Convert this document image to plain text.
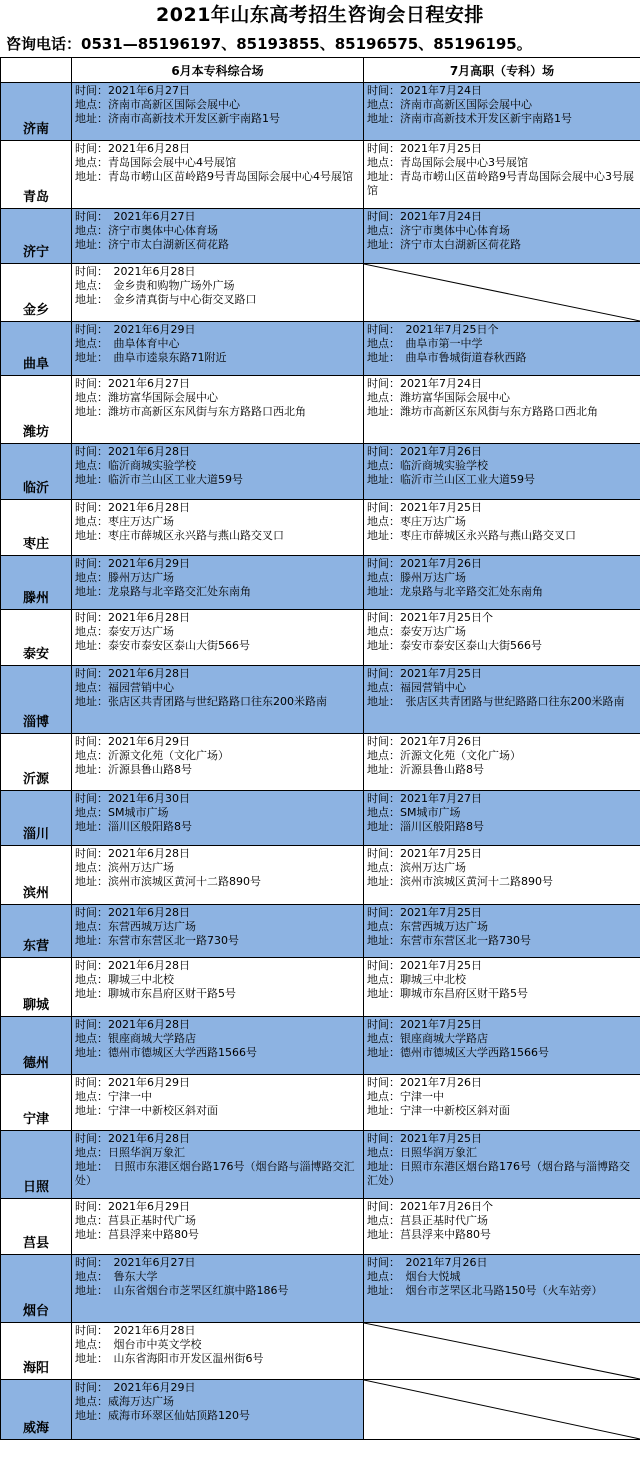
2021年山东高考招生咨询会日程安排
咨询电话：0531—85196197、85193855、85196575、85196195。
	6月本专科综合场	7月高职（专科）场
济南	时间：2021年6月27日
地点：济南市高新区国际会展中心
地址：济南市高新技术开发区新宇南路1号	时间：2021年7月24日
地点：济南市高新区国际会展中心
地址：济南市高新技术开发区新宇南路1号

青岛	时间：2021年6月28日
地点：青岛国际会展中心4号展馆
地址：青岛市崂山区苗岭路9号青岛国际会展中心4号展馆	时间：2021年7月25日
地点：青岛国际会展中心3号展馆
地址：青岛市崂山区苗岭路9号青岛国际会展中心3号展馆

济宁	时间：　2021年6月27日
地点：济宁市奥体中心体育场
地址：济宁市太白湖新区荷花路	时间：2021年7月24日
地点：济宁市奥体中心体育场
地址：济宁市太白湖新区荷花路

金乡	时间：　2021年6月28日
地点：　金乡贵和购物广场外广场
地址：　金乡清真街与中心街交叉路口

曲阜	时间：　2021年6月29日
地点：　曲阜体育中心
地址：　曲阜市逵泉东路71附近	时间：　2021年7月25日个
地点：　曲阜市第一中学
地址：　曲阜市鲁城街道春秋西路

潍坊	时间：2021年6月27日
地点：潍坊富华国际会展中心
地址：潍坊市高新区东风街与东方路路口西北角	时间：2021年7月24日
地点：潍坊富华国际会展中心
地址：潍坊市高新区东风街与东方路路口西北角

临沂	时间：2021年6月28日
地点：临沂商城实验学校
地址：临沂市兰山区工业大道59号	时间：2021年7月26日
地点：临沂商城实验学校
地址：临沂市兰山区工业大道59号

枣庄	时间：2021年6月28日
地点：枣庄万达广场
地址：枣庄市薛城区永兴路与燕山路交叉口	时间：2021年7月25日
地点：枣庄万达广场
地址：枣庄市薛城区永兴路与燕山路交叉口

滕州	时间：2021年6月29日
地点：滕州万达广场
地址：龙泉路与北辛路交汇处东南角	时间：2021年7月26日
地点：滕州万达广场
地址：龙泉路与北辛路交汇处东南角

泰安	时间：2021年6月28日
地点：泰安万达广场
地址：泰安市泰安区泰山大街566号	时间：2021年7月25日个
地点：泰安万达广场
地址：泰安市泰安区泰山大街566号

淄博	时间：2021年6月28日
地点：福园营销中心
地址：张店区共青团路与世纪路路口往东200米路南	时间：2021年7月25日
地点：福园营销中心
地址：　张店区共青团路与世纪路路口往东200米路南

沂源	时间：2021年6月29日
地点：沂源文化苑（文化广场）
地址：沂源县鲁山路8号	时间：2021年7月26日
地点：沂源文化苑（文化广场）
地址：沂源县鲁山路8号

淄川	时间：2021年6月30日
地点：SM城市广场
地址：淄川区般阳路8号	时间：2021年7月27日
地点：SM城市广场
地址：淄川区般阳路8号

滨州	时间：2021年6月28日
地点：滨州万达广场
地址：滨州市滨城区黄河十二路890号	时间：2021年7月25日
地点：滨州万达广场
地址：滨州市滨城区黄河十二路890号

东营	时间：2021年6月28日
地点：东营西城万达广场
地址：东营市东营区北一路730号	时间：2021年7月25日
地点：东营西城万达广场
地址：东营市东营区北一路730号

聊城	时间：2021年6月28日
地点：聊城三中北校
地址：聊城市东昌府区财干路5号	时间：2021年7月25日
地点：聊城三中北校
地址：聊城市东昌府区财干路5号

德州	时间：2021年6月28日
地点：银座商城大学路店
地址：德州市德城区大学西路1566号	时间：2021年7月25日
地点：银座商城大学路店
地址：德州市德城区大学西路1566号

宁津	时间：2021年6月29日
地点：宁津一中
地址：宁津一中新校区斜对面	时间：2021年7月26日
地点：宁津一中
地址：宁津一中新校区斜对面

日照	时间：2021年6月28日
地点：日照华润万象汇
地址：　日照市东港区烟台路176号（烟台路与淄博路交汇处）	时间：2021年7月25日
地点：日照华润万象汇
地址：日照市东港区烟台路176号（烟台路与淄博路交汇处）

莒县	时间：2021年6月29日
地点：莒县正基时代广场
地址：莒县浮来中路80号	时间：2021年7月26日个
地点：莒县正基时代广场
地址：莒县浮来中路80号

烟台	时间：　2021年6月27日
地点：　鲁东大学
地址：　山东省烟台市芝罘区红旗中路186号	时间：　2021年7月26日
地点：　烟台大悦城
地址：　烟台市芝罘区北马路150号（火车站旁）

海阳	时间：　2021年6月28日
地点：　烟台市中英文学校
地址：　山东省海阳市开发区温州街6号

威海	时间：　2021年6月29日
地点：威海万达广场
地址：威海市环翠区仙姑顶路120号
